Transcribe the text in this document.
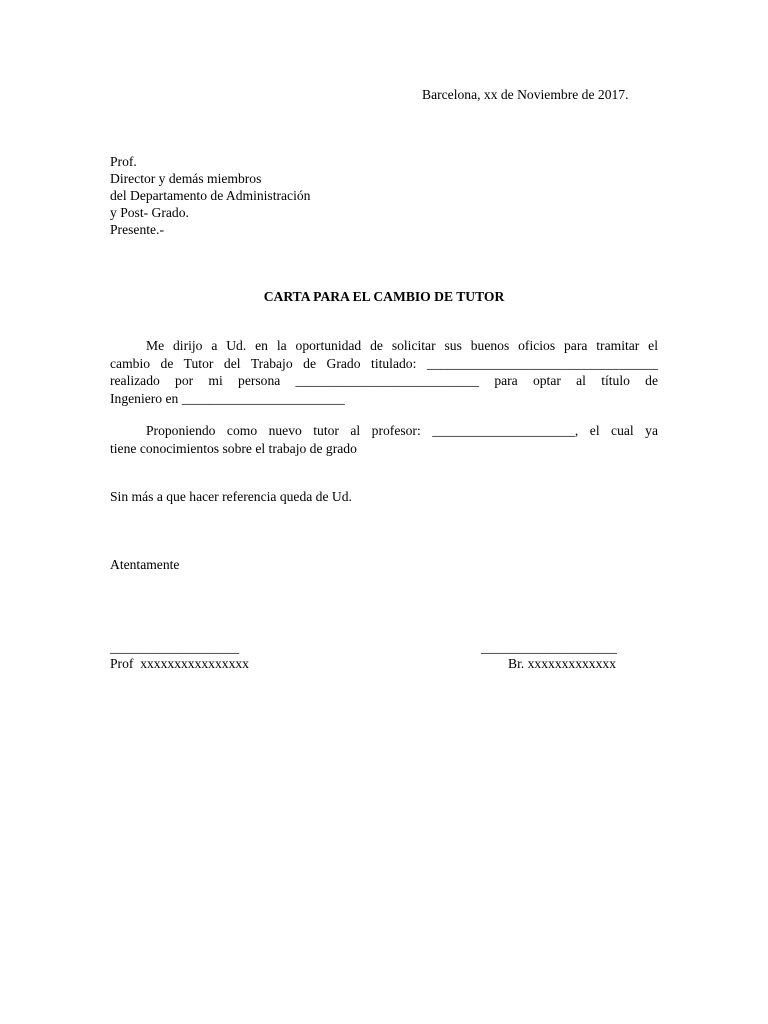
Barcelona, xx de Noviembre de 2017.
Prof.
Director y demás miembros
del Departamento de Administración
y Post- Grado.
Presente.-
CARTA PARA EL CAMBIO DE TUTOR
Me dirijo a Ud. en la oportunidad de solicitar sus buenos oficios para tramitar el
cambio de Tutor del Trabajo de Grado titulado: __________________________________
realizado por mi persona ___________________________ para optar al título de
Ingeniero en ________________________
Proponiendo como nuevo tutor al profesor: _____________________, el cual ya
tiene conocimientos sobre el trabajo de grado
Sin más a que hacer referencia queda de Ud.
Atentamente
___________________	____________________
Prof  xxxxxxxxxxxxxxxx	Br. xxxxxxxxxxxxx
